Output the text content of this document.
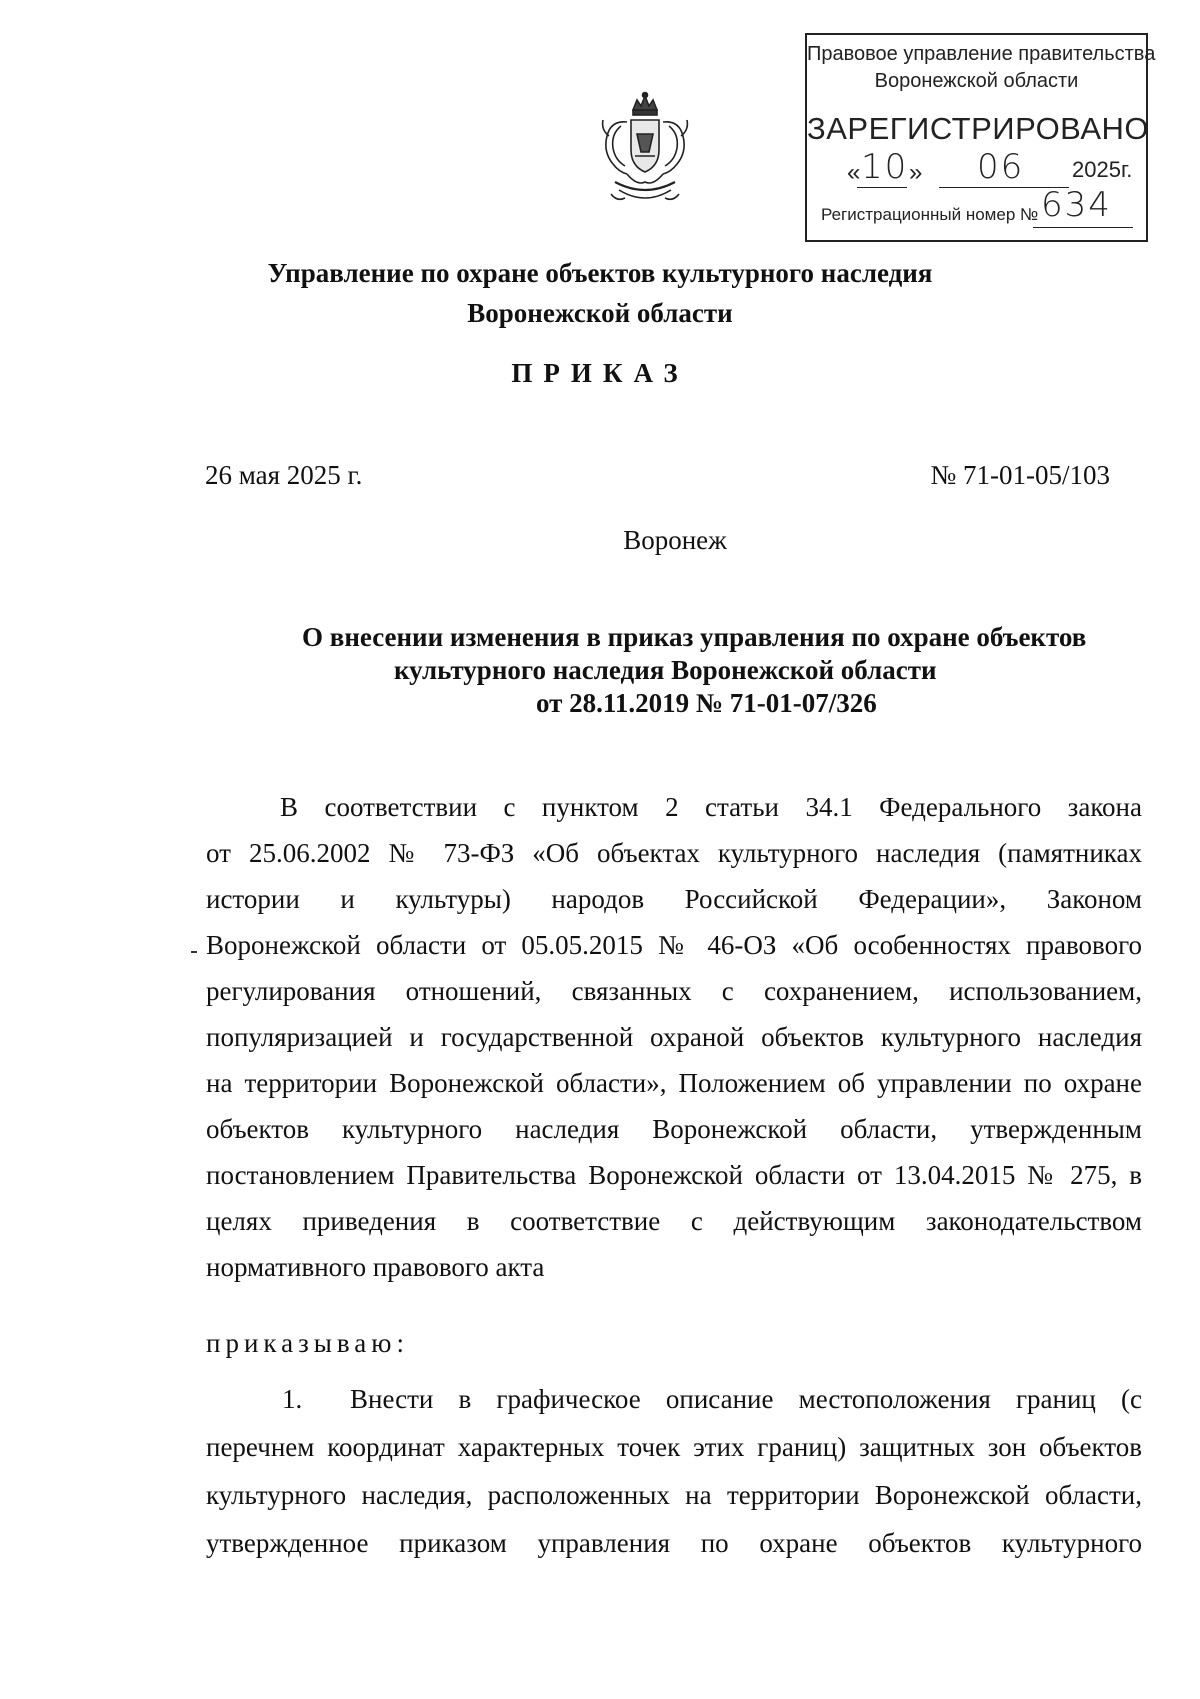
Правовое управление правительства
Воронежской области
ЗАРЕГИСТРИРОВАНО
« 10 » 06 2025г.
Регистрационный номер № 634
Управление по охране объектов культурного наследия
Воронежской области
ПРИКАЗ
26 мая 2025 г.	№ 71-01-05/103
Воронеж
О внесении изменения в приказ управления по охране объектов
культурного наследия Воронежской области
от 28.11.2019 № 71-01-07/326
В соответствии с пунктом 2 статьи 34.1 Федерального закона
от 25.06.2002 № 73-ФЗ «Об объектах культурного наследия (памятниках
истории и культуры) народов Российской Федерации», Законом
Воронежской области от 05.05.2015 № 46-ОЗ «Об особенностях правового
регулирования отношений, связанных с сохранением, использованием,
популяризацией и государственной охраной объектов культурного наследия
на территории Воронежской области», Положением об управлении по охране
объектов культурного наследия Воронежской области, утвержденным
постановлением Правительства Воронежской области от 13.04.2015 № 275, в
целях приведения в соответствие с действующим законодательством
нормативного правового акта
приказываю:
1. Внести в графическое описание местоположения границ (с
перечнем координат характерных точек этих границ) защитных зон объектов
культурного наследия, расположенных на территории Воронежской области,
утвержденное приказом управления по охране объектов культурного
